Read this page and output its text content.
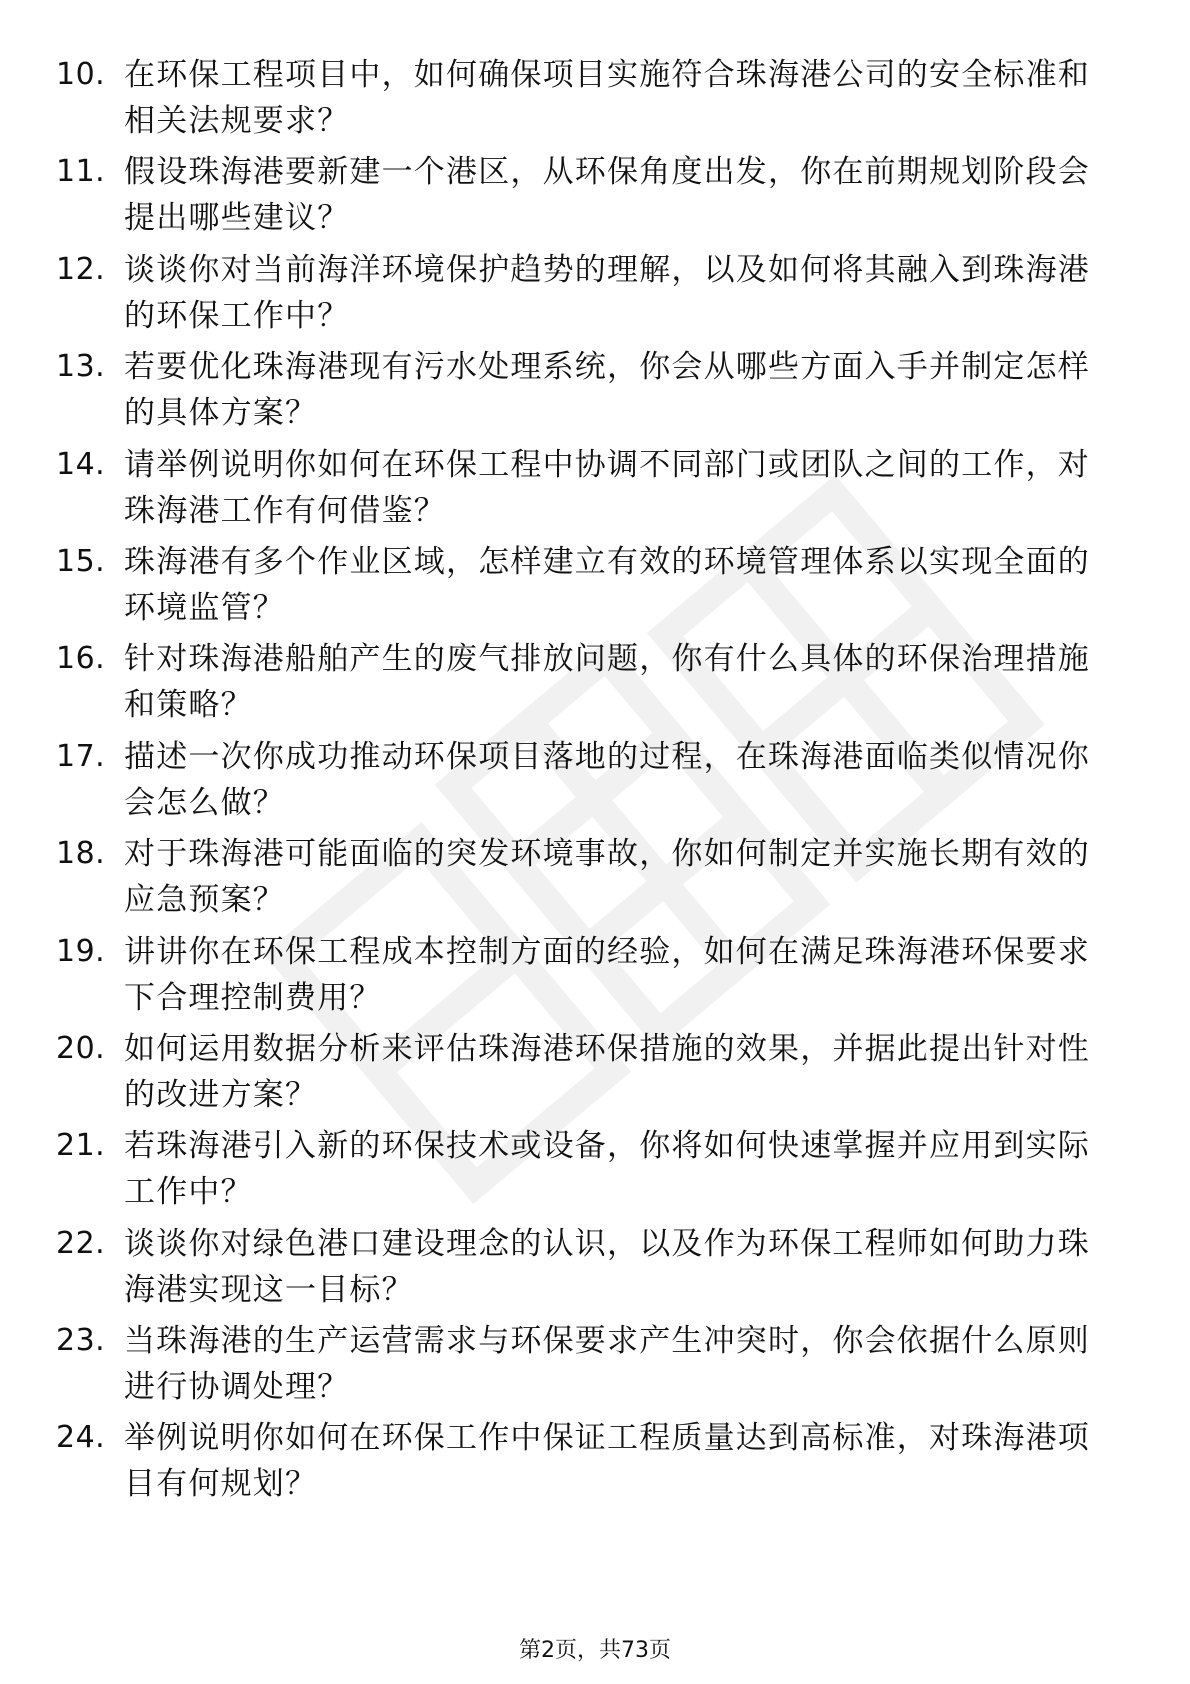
10. 在环保工程项目中，如何确保项目实施符合珠海港公司的安全标准和相关法规要求？
11. 假设珠海港要新建一个港区，从环保角度出发，你在前期规划阶段会提出哪些建议？
12. 谈谈你对当前海洋环境保护趋势的理解，以及如何将其融入到珠海港的环保工作中？
13. 若要优化珠海港现有污水处理系统，你会从哪些方面入手并制定怎样的具体方案？
14. 请举例说明你如何在环保工程中协调不同部门或团队之间的工作，对珠海港工作有何借鉴？
15. 珠海港有多个作业区域，怎样建立有效的环境管理体系以实现全面的环境监管？
16. 针对珠海港船舶产生的废气排放问题，你有什么具体的环保治理措施和策略？
17. 描述一次你成功推动环保项目落地的过程，在珠海港面临类似情况你会怎么做？
18. 对于珠海港可能面临的突发环境事故，你如何制定并实施长期有效的应急预案？
19. 讲讲你在环保工程成本控制方面的经验，如何在满足珠海港环保要求下合理控制费用？
20. 如何运用数据分析来评估珠海港环保措施的效果，并据此提出针对性的改进方案？
21. 若珠海港引入新的环保技术或设备，你将如何快速掌握并应用到实际工作中？
22. 谈谈你对绿色港口建设理念的认识，以及作为环保工程师如何助力珠海港实现这一目标？
23. 当珠海港的生产运营需求与环保要求产生冲突时，你会依据什么原则进行协调处理？
24. 举例说明你如何在环保工作中保证工程质量达到高标准，对珠海港项目有何规划？
第2页，共73页
